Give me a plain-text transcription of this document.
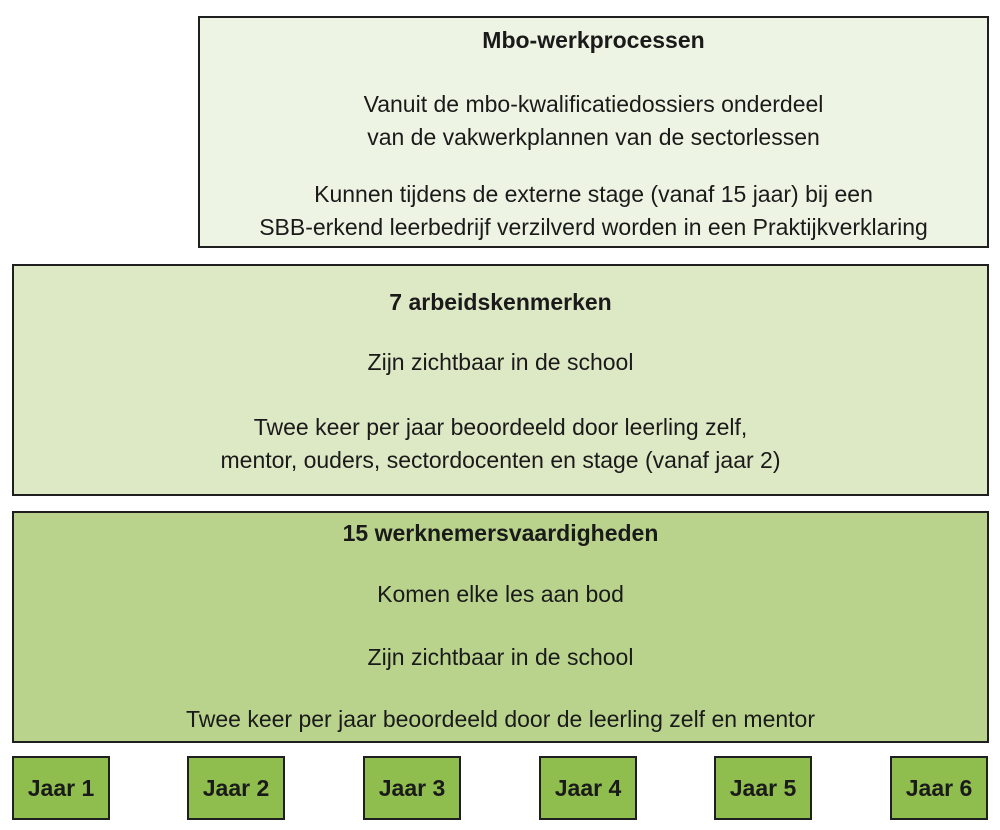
Mbo-werkprocessen
Vanuit de mbo-kwalificatiedossiers onderdeel
van de vakwerkplannen van de sectorlessen
Kunnen tijdens de externe stage (vanaf 15 jaar) bij een
SBB-erkend leerbedrijf verzilverd worden in een Praktijkverklaring
7 arbeidskenmerken
Zijn zichtbaar in de school
Twee keer per jaar beoordeeld door leerling zelf,
mentor, ouders, sectordocenten en stage (vanaf jaar 2)
15 werknemersvaardigheden
Komen elke les aan bod
Zijn zichtbaar in de school
Twee keer per jaar beoordeeld door de leerling zelf en mentor
Jaar 1	Jaar 2	Jaar 3	Jaar 4	Jaar 5	Jaar 6
